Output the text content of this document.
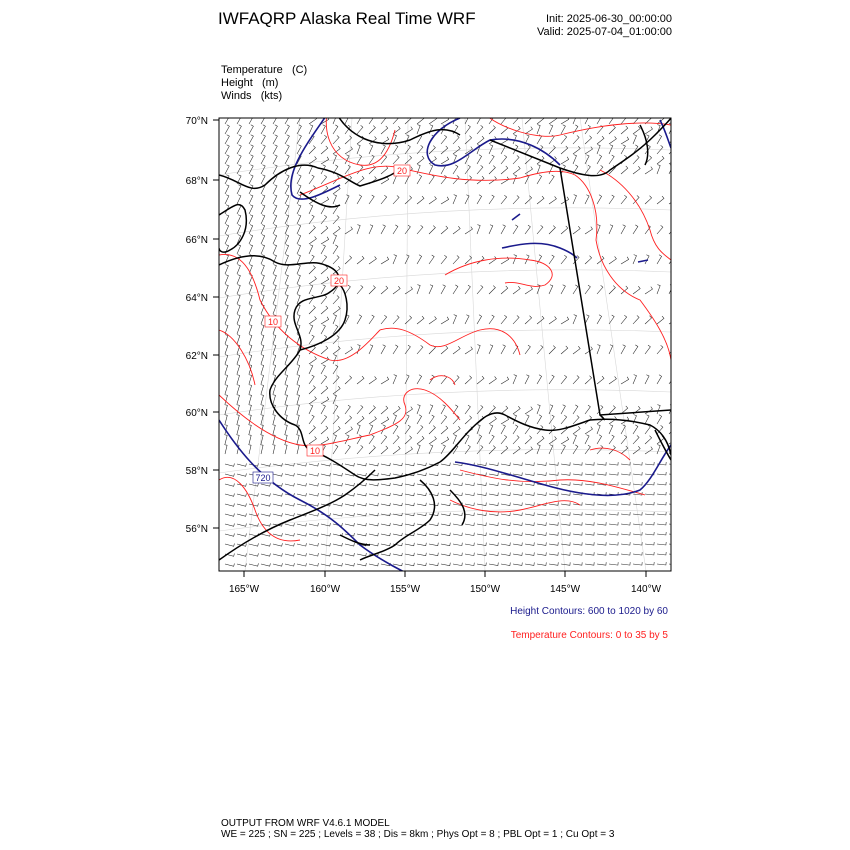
IWFAQRP Alaska Real Time WRF	Init: 2025-06-30_00:00:00
Valid: 2025-07-04_01:00:00
Temperature (C)
Height (m)
Winds (kts)
20
20
10
10
720
70°N
68°N
66°N
64°N
62°N
60°N
58°N
56°N
165°W	160°W	155°W	150°W	145°W	140°W
Height Contours: 600 to 1020 by 60
Temperature Contours: 0 to 35 by 5
OUTPUT FROM WRF V4.6.1 MODEL
WE = 225 ; SN = 225 ; Levels = 38 ; Dis = 8km ; Phys Opt = 8 ; PBL Opt = 1 ; Cu Opt = 3
